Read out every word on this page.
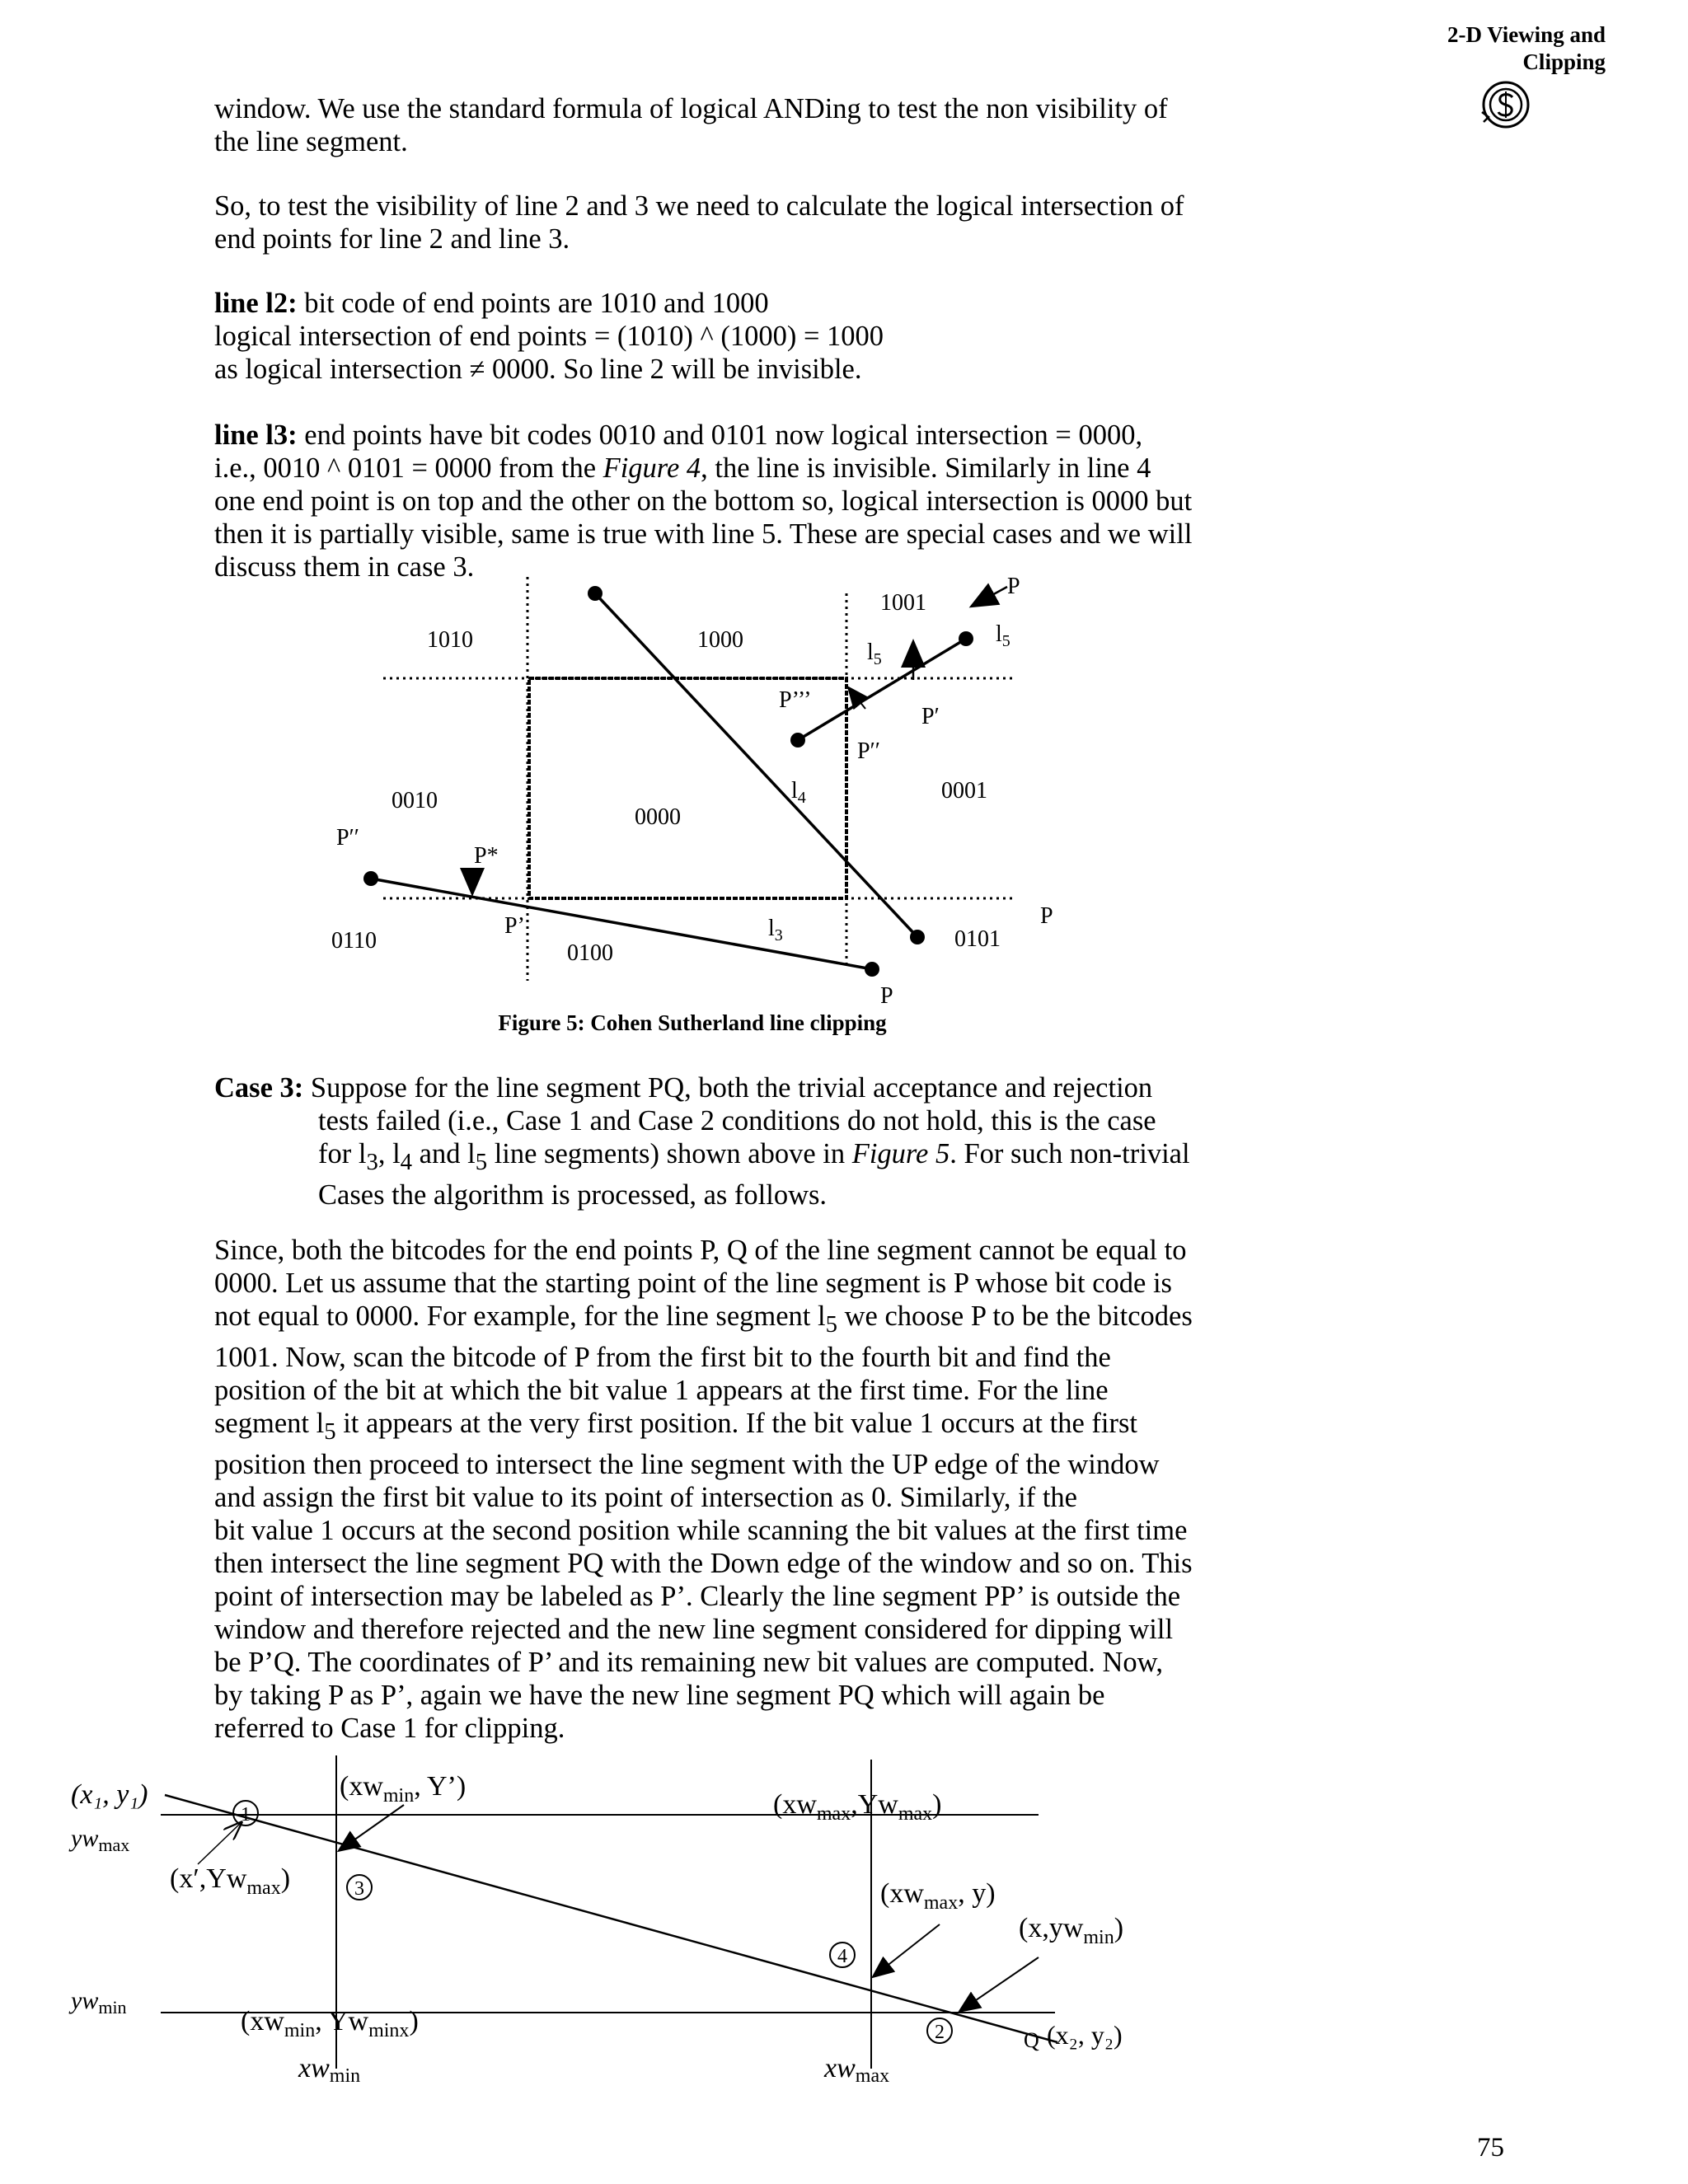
2-D Viewing and
Clipping
window. We use the standard formula of logical ANDing to test the non visibility of
the line segment.
So, to test the visibility of line 2 and 3 we need to calculate the logical intersection of
end points for line 2 and line 3.
line l2: bit code of end points are 1010 and 1000
logical intersection of end points = (1010) ^ (1000) = 1000
as logical intersection ≠ 0000. So line 2 will be invisible.
line l3: end points have bit codes 0010 and 0101 now logical intersection = 0000,
i.e., 0010 ^ 0101 = 0000 from the Figure 4, the line is invisible. Similarly in line 4
one end point is on top and the other on the bottom so, logical intersection is 0000 but
then it is partially visible, same is true with line 5. These are special cases and we will
discuss them in case 3.
1010	1000
1001
0010
0000
0001
0110	0100
0101
P
$l_5$
$l_5$
P′
P’’’
P′′
$l_4$
P′′
P*
P’	$l_3$
P
P
Figure 5: Cohen Sutherland line clipping
Case 3: Suppose for the line segment PQ, both the trivial acceptance and rejection
tests failed (i.e., Case 1 and Case 2 conditions do not hold, this is the case
for $l_3$, $l_4$ and $l_5$ line segments) shown above in Figure 5. For such non-trivial
Cases the algorithm is processed, as follows.
Since, both the bitcodes for the end points P, Q of the line segment cannot be equal to
0000. Let us assume that the starting point of the line segment is P whose bit code is
not equal to 0000. For example, for the line segment $l_5$ we choose P to be the bitcodes
1001. Now, scan the bitcode of P from the first bit to the fourth bit and find the
position of the bit at which the bit value 1 appears at the first time. For the line
segment $l_5$ it appears at the very first position. If the bit value 1 occurs at the first
position then proceed to intersect the line segment with the UP edge of the window
and assign the first bit value to its point of intersection as 0. Similarly, if the
bit value 1 occurs at the second position while scanning the bit values at the first time
then intersect the line segment PQ with the Down edge of the window and so on. This
point of intersection may be labeled as P’. Clearly the line segment PP’ is outside the
window and therefore rejected and the new line segment considered for dipping will
be P’Q. The coordinates of P’ and its remaining new bit values are computed. Now,
by taking P as P’, again we have the new line segment PQ which will again be
referred to Case 1 for clipping.
1
3
4
2
(x₁, y₁)
$yw_{max}$
$yw_{min}$
($xw_{min}$, Y’)
$(x',Yw_{max})$
$(xw_{max},Yw_{max})$
($xw_{max}$, y)
$(x,yw_{min})$
($xw_{min}$, $Yw_{minx}$)
Q (x₂, y₂)
xwmin	xwmax
75
